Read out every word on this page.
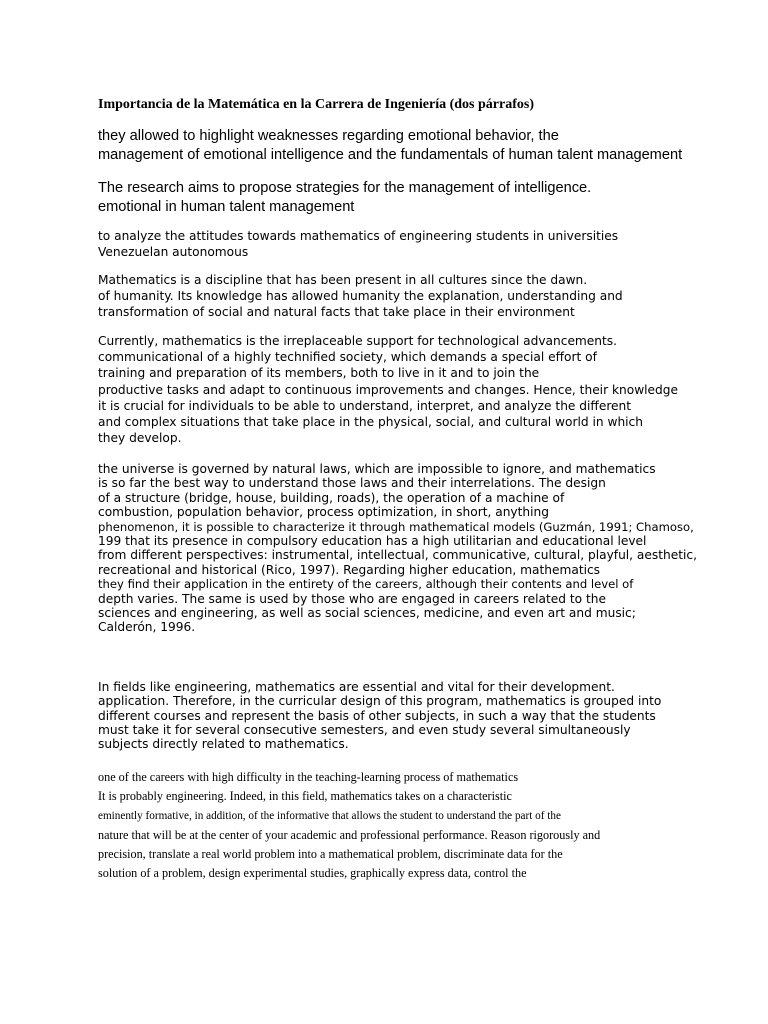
Importancia de la Matemática en la Carrera de Ingeniería (dos párrafos)

they allowed to highlight weaknesses regarding emotional behavior, the
management of emotional intelligence and the fundamentals of human talent management

The research aims to propose strategies for the management of intelligence.
emotional in human talent management

to analyze the attitudes towards mathematics of engineering students in universities
Venezuelan autonomous

Mathematics is a discipline that has been present in all cultures since the dawn.
of humanity. Its knowledge has allowed humanity the explanation, understanding and
transformation of social and natural facts that take place in their environment

Currently, mathematics is the irreplaceable support for technological advancements.
communicational of a highly technified society, which demands a special effort of
training and preparation of its members, both to live in it and to join the
productive tasks and adapt to continuous improvements and changes. Hence, their knowledge
it is crucial for individuals to be able to understand, interpret, and analyze the different
and complex situations that take place in the physical, social, and cultural world in which
they develop.

the universe is governed by natural laws, which are impossible to ignore, and mathematics
is so far the best way to understand those laws and their interrelations. The design
of a structure (bridge, house, building, roads), the operation of a machine of
combustion, population behavior, process optimization, in short, anything
phenomenon, it is possible to characterize it through mathematical models (Guzmán, 1991; Chamoso,
199 that its presence in compulsory education has a high utilitarian and educational level
from different perspectives: instrumental, intellectual, communicative, cultural, playful, aesthetic,
recreational and historical (Rico, 1997). Regarding higher education, mathematics
they find their application in the entirety of the careers, although their contents and level of
depth varies. The same is used by those who are engaged in careers related to the
sciences and engineering, as well as social sciences, medicine, and even art and music;
Calderón, 1996.

In fields like engineering, mathematics are essential and vital for their development.
application. Therefore, in the curricular design of this program, mathematics is grouped into
different courses and represent the basis of other subjects, in such a way that the students
must take it for several consecutive semesters, and even study several simultaneously
subjects directly related to mathematics.

one of the careers with high difficulty in the teaching-learning process of mathematics
It is probably engineering. Indeed, in this field, mathematics takes on a characteristic
eminently formative, in addition, of the informative that allows the student to understand the part of the
nature that will be at the center of your academic and professional performance. Reason rigorously and
precision, translate a real world problem into a mathematical problem, discriminate data for the
solution of a problem, design experimental studies, graphically express data, control the
